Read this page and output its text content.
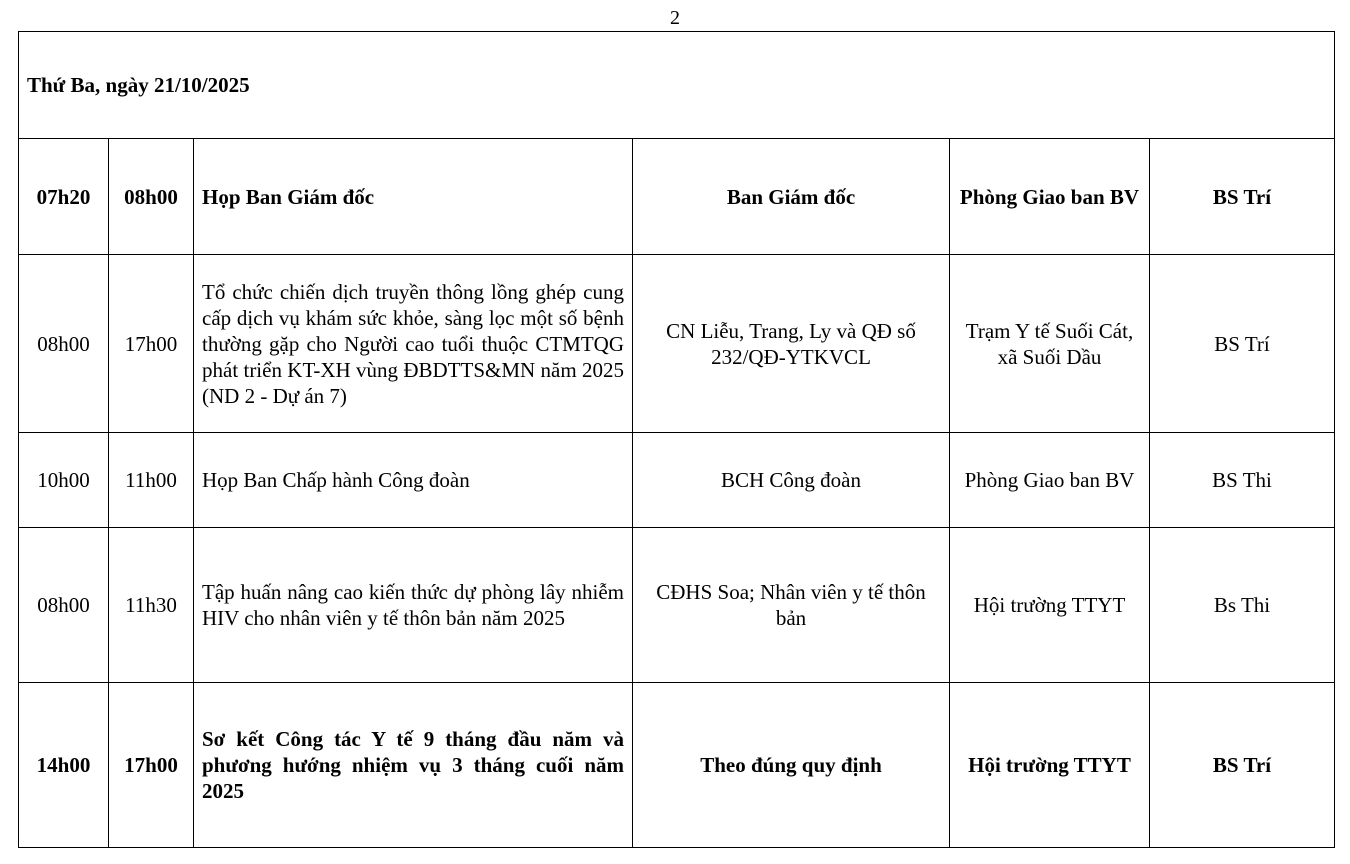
2
Thứ Ba, ngày 21/10/2025					
07h20	08h00	Họp Ban Giám đốc	Ban Giám đốc	Phòng Giao ban BV	BS Trí
08h00	17h00	Tổ chức chiến dịch truyền thông lồng ghép cung cấp dịch vụ khám sức khỏe, sàng lọc một số bệnh thường gặp cho Người cao tuổi thuộc CTMTQG phát triển KT-XH vùng ĐBDTTS&MN năm 2025 (ND 2 - Dự án 7)	CN Liễu, Trang, Ly và QĐ số 232/QĐ-YTKVCL	Trạm Y tế Suối Cát, xã Suối Dầu	BS Trí
10h00	11h00	Họp Ban Chấp hành Công đoàn	BCH Công đoàn	Phòng Giao ban BV	BS Thi
08h00	11h30	Tập huấn nâng cao kiến thức dự phòng lây nhiễm HIV cho nhân viên y tế thôn bản năm 2025	CĐHS Soa; Nhân viên y tế thôn bản	Hội trường TTYT	Bs Thi
14h00	17h00	Sơ kết Công tác Y tế 9 tháng đầu năm và phương hướng nhiệm vụ 3 tháng cuối năm 2025	Theo đúng quy định	Hội trường TTYT	BS Trí
